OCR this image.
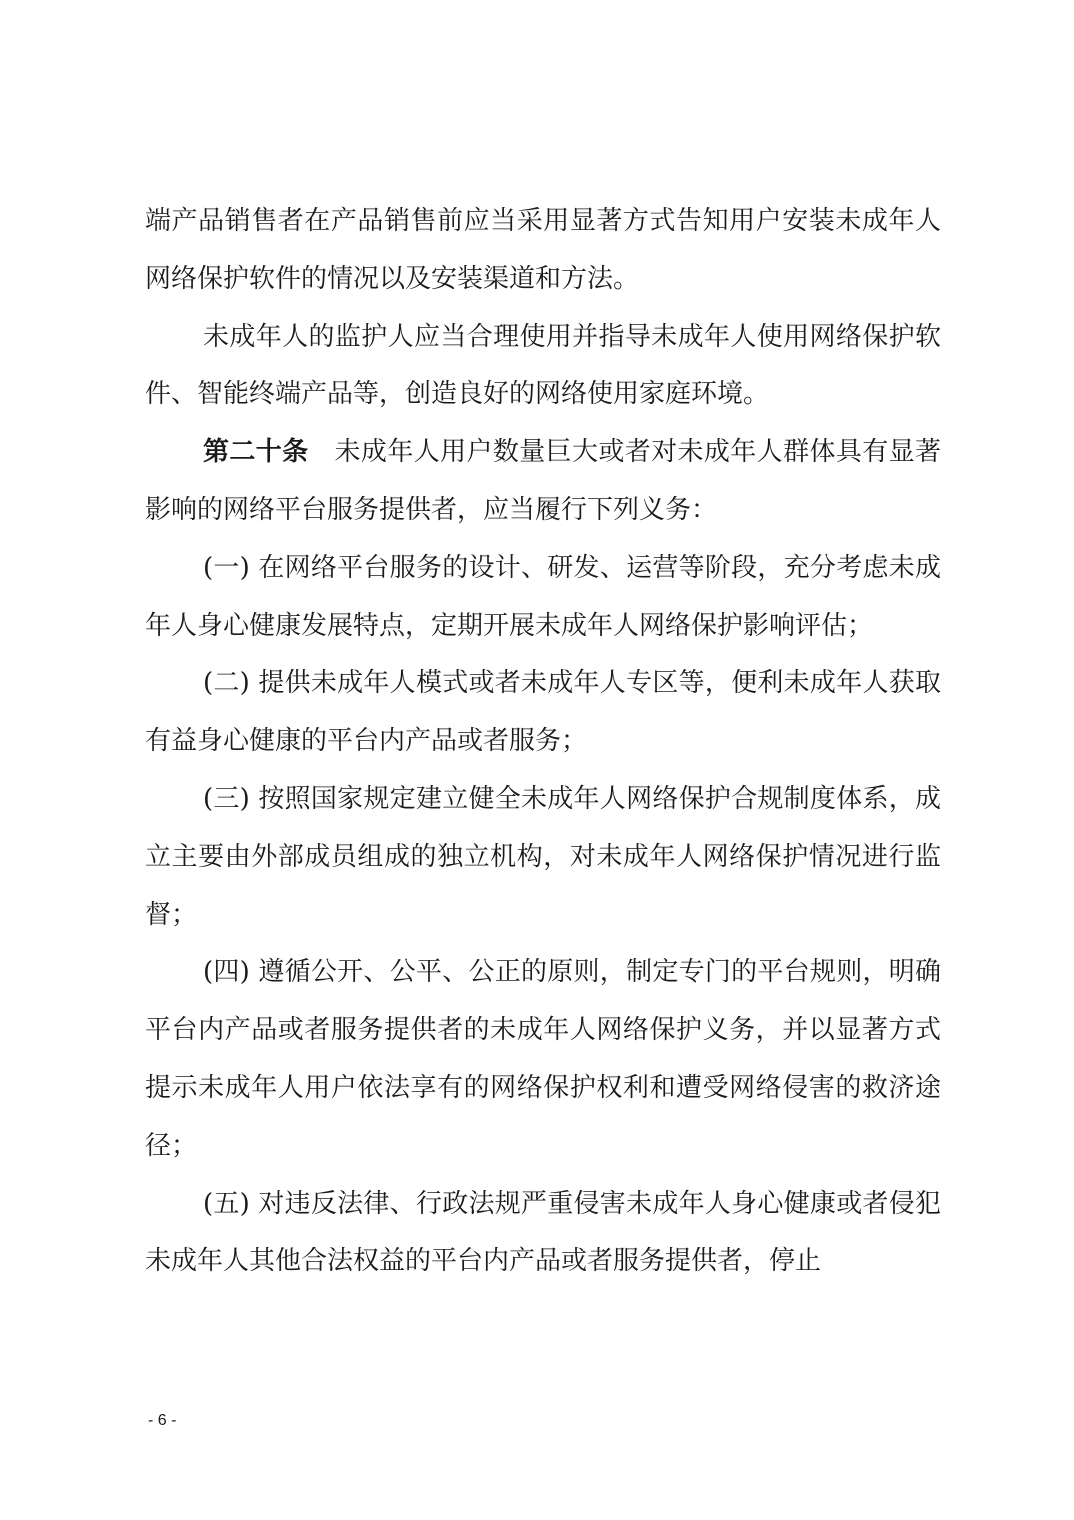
端产品销售者在产品销售前应当采用显著方式告知用户安装未成年人网络保护软件的情况以及安装渠道和方法。

未成年人的监护人应当合理使用并指导未成年人使用网络保护软件、智能终端产品等，创造良好的网络使用家庭环境。

第二十条 未成年人用户数量巨大或者对未成年人群体具有显著影响的网络平台服务提供者，应当履行下列义务：

(一) 在网络平台服务的设计、研发、运营等阶段，充分考虑未成年人身心健康发展特点，定期开展未成年人网络保护影响评估；

(二) 提供未成年人模式或者未成年人专区等，便利未成年人获取有益身心健康的平台内产品或者服务；

(三) 按照国家规定建立健全未成年人网络保护合规制度体系，成立主要由外部成员组成的独立机构，对未成年人网络保护情况进行监督；

(四) 遵循公开、公平、公正的原则，制定专门的平台规则，明确平台内产品或者服务提供者的未成年人网络保护义务，并以显著方式提示未成年人用户依法享有的网络保护权利和遭受网络侵害的救济途径；

(五) 对违反法律、行政法规严重侵害未成年人身心健康或者侵犯未成年人其他合法权益的平台内产品或者服务提供者，停止

- 6 -
